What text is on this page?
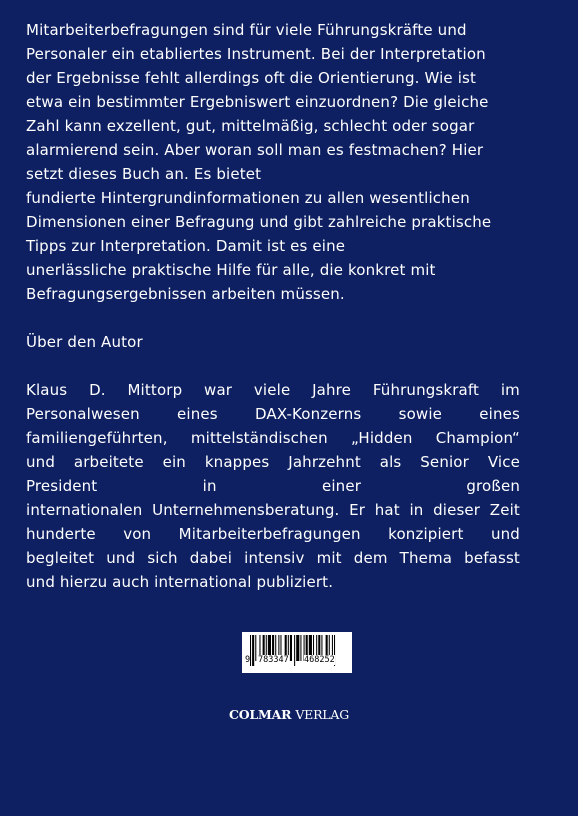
Mitarbeiterbefragungen sind für viele Führungskräfte und
Personaler ein etabliertes Instrument. Bei der Interpretation
der Ergebnisse fehlt allerdings oft die Orientierung. Wie ist
etwa ein bestimmter Ergebniswert einzuordnen? Die gleiche
Zahl kann exzellent, gut, mittelmäßig, schlecht oder sogar
alarmierend sein. Aber woran soll man es festmachen? Hier
setzt dieses Buch an. Es bietet
fundierte Hintergrundinformationen zu allen wesentlichen
Dimensionen einer Befragung und gibt zahlreiche praktische
Tipps zur Interpretation. Damit ist es eine
unerlässliche praktische Hilfe für alle, die konkret mit
Befragungsergebnissen arbeiten müssen.
Über den Autor
Klaus D. Mittorp war viele Jahre Führungskraft im
Personalwesen eines DAX-Konzerns sowie eines
familiengeführten, mittelständischen „Hidden Champion“
und arbeitete ein knappes Jahrzehnt als Senior Vice
President	in	einer	großen
internationalen Unternehmensberatung. Er hat in dieser Zeit
hunderte von Mitarbeiterbefragungen konzipiert und
begleitet und sich dabei intensiv mit dem Thema befasst
und hierzu auch international publiziert.
9 783347 468252
COLMAR VERLAG
